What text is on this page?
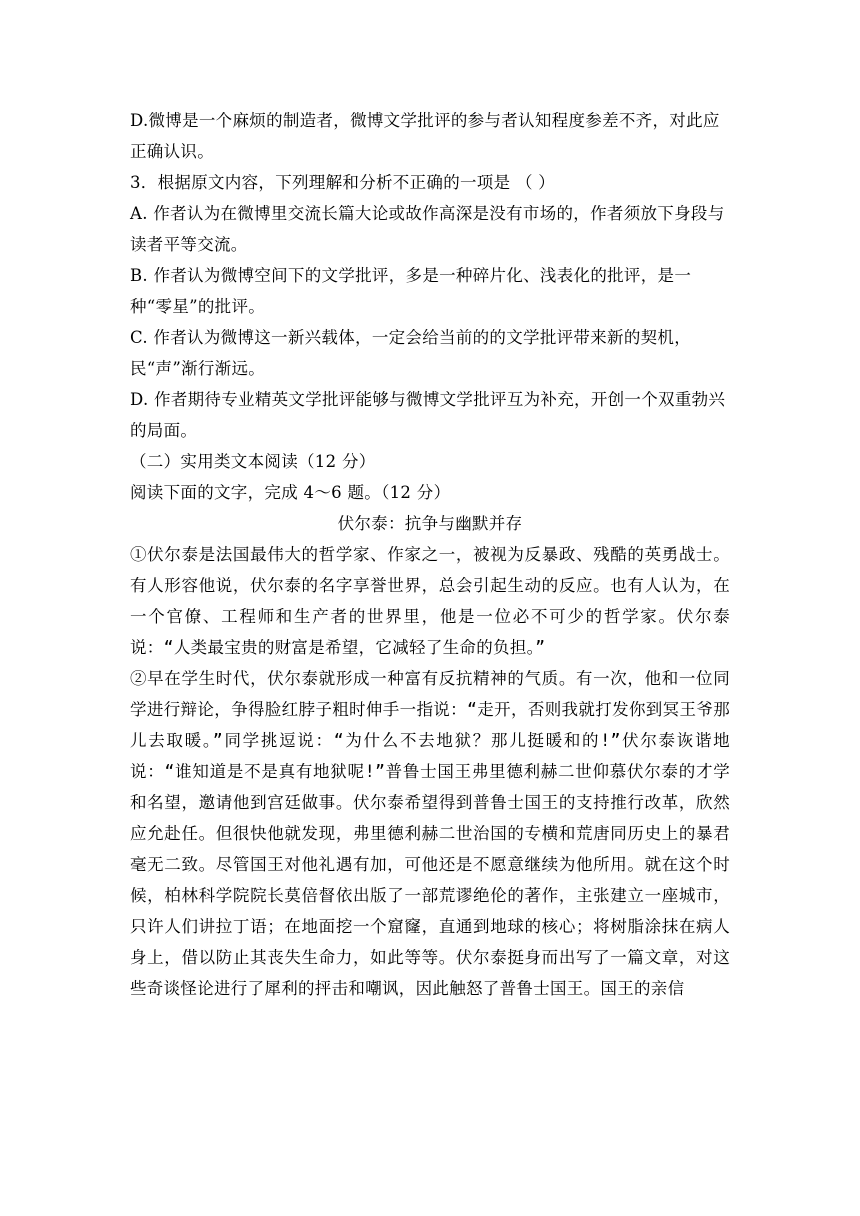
D.微博是一个麻烦的制造者，微博文学批评的参与者认知程度参差不齐，对此应正确认识。

3．根据原文内容，下列理解和分析不正确的一项是 （ ）

A. 作者认为在微博里交流长篇大论或故作高深是没有市场的，作者须放下身段与读者平等交流。

B. 作者认为微博空间下的文学批评，多是一种碎片化、浅表化的批评，是一种“零星”的批评。

C. 作者认为微博这一新兴载体，一定会给当前的的文学批评带来新的契机，民“声”渐行渐远。

D. 作者期待专业精英文学批评能够与微博文学批评互为补充，开创一个双重勃兴的局面。

（二）实用类文本阅读（12 分）

阅读下面的文字，完成 4～6 题。（12 分）

伏尔泰：抗争与幽默并存

①伏尔泰是法国最伟大的哲学家、作家之一，被视为反暴政、残酷的英勇战士。有人形容他说，伏尔泰的名字享誉世界，总会引起生动的反应。也有人认为，在一个官僚、工程师和生产者的世界里，他是一位必不可少的哲学家。伏尔泰说：“人类最宝贵的财富是希望，它减轻了生命的负担。”

②早在学生时代，伏尔泰就形成一种富有反抗精神的气质。有一次，他和一位同学进行辩论，争得脸红脖子粗时伸手一指说：“走开，否则我就打发你到冥王爷那儿去取暖。”同学挑逗说：“为什么不去地狱？那儿挺暖和的!”伏尔泰诙谐地说：“谁知道是不是真有地狱呢!”普鲁士国王弗里德利赫二世仰慕伏尔泰的才学和名望，邀请他到宫廷做事。伏尔泰希望得到普鲁士国王的支持推行改革，欣然应允赴任。但很快他就发现，弗里德利赫二世治国的专横和荒唐同历史上的暴君毫无二致。尽管国王对他礼遇有加，可他还是不愿意继续为他所用。就在这个时候，柏林科学院院长莫倍督依出版了一部荒谬绝伦的著作，主张建立一座城市，只许人们讲拉丁语；在地面挖一个窟窿，直通到地球的核心；将树脂涂抹在病人身上，借以防止其丧失生命力，如此等等。伏尔泰挺身而出写了一篇文章，对这些奇谈怪论进行了犀利的抨击和嘲讽，因此触怒了普鲁士国王。国王的亲信
